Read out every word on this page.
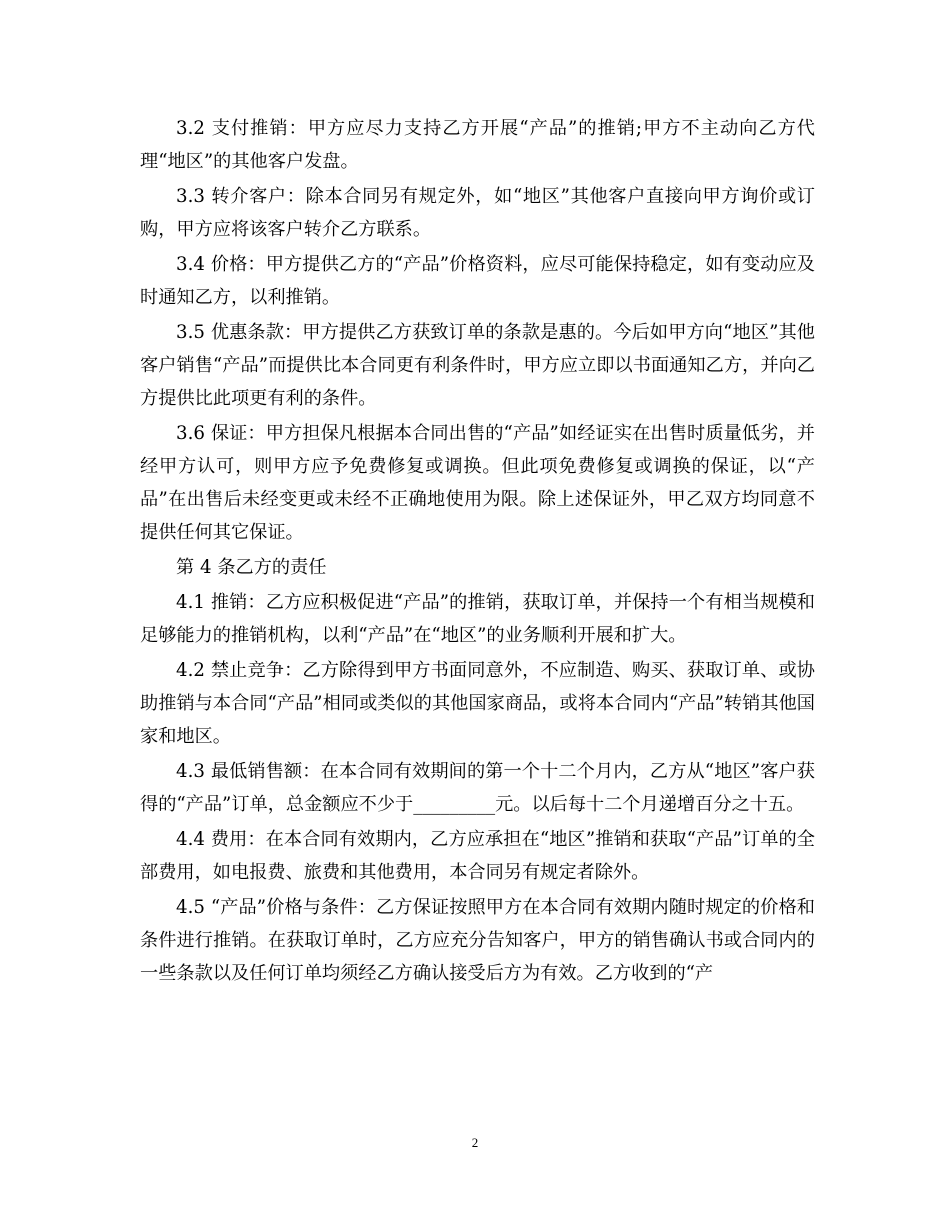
3.2 支付推销：甲方应尽力支持乙方开展“产品”的推销;甲方不主动向乙方代理“地区”的其他客户发盘。

3.3 转介客户：除本合同另有规定外，如“地区”其他客户直接向甲方询价或订购，甲方应将该客户转介乙方联系。

3.4 价格：甲方提供乙方的“产品”价格资料，应尽可能保持稳定，如有变动应及时通知乙方，以利推销。

3.5 优惠条款：甲方提供乙方获致订单的条款是惠的。今后如甲方向“地区”其他客户销售“产品”而提供比本合同更有利条件时，甲方应立即以书面通知乙方，并向乙方提供比此项更有利的条件。

3.6 保证：甲方担保凡根据本合同出售的“产品”如经证实在出售时质量低劣，并经甲方认可，则甲方应予免费修复或调换。但此项免费修复或调换的保证，以“产品”在出售后未经变更或未经不正确地使用为限。除上述保证外，甲乙双方均同意不提供任何其它保证。

第 4 条乙方的责任

4.1 推销：乙方应积极促进“产品”的推销，获取订单，并保持一个有相当规模和足够能力的推销机构，以利“产品”在“地区”的业务顺利开展和扩大。

4.2 禁止竞争：乙方除得到甲方书面同意外，不应制造、购买、获取订单、或协助推销与本合同“产品”相同或类似的其他国家商品，或将本合同内“产品”转销其他国家和地区。

4.3 最低销售额：在本合同有效期间的第一个十二个月内，乙方从“地区”客户获得的“产品”订单，总金额应不少于_________元。以后每十二个月递增百分之十五。

4.4 费用：在本合同有效期内，乙方应承担在“地区”推销和获取“产品”订单的全部费用，如电报费、旅费和其他费用，本合同另有规定者除外。

4.5 “产品”价格与条件：乙方保证按照甲方在本合同有效期内随时规定的价格和条件进行推销。在获取订单时，乙方应充分告知客户，甲方的销售确认书或合同内的一些条款以及任何订单均须经乙方确认接受后方为有效。乙方收到的“产

2
